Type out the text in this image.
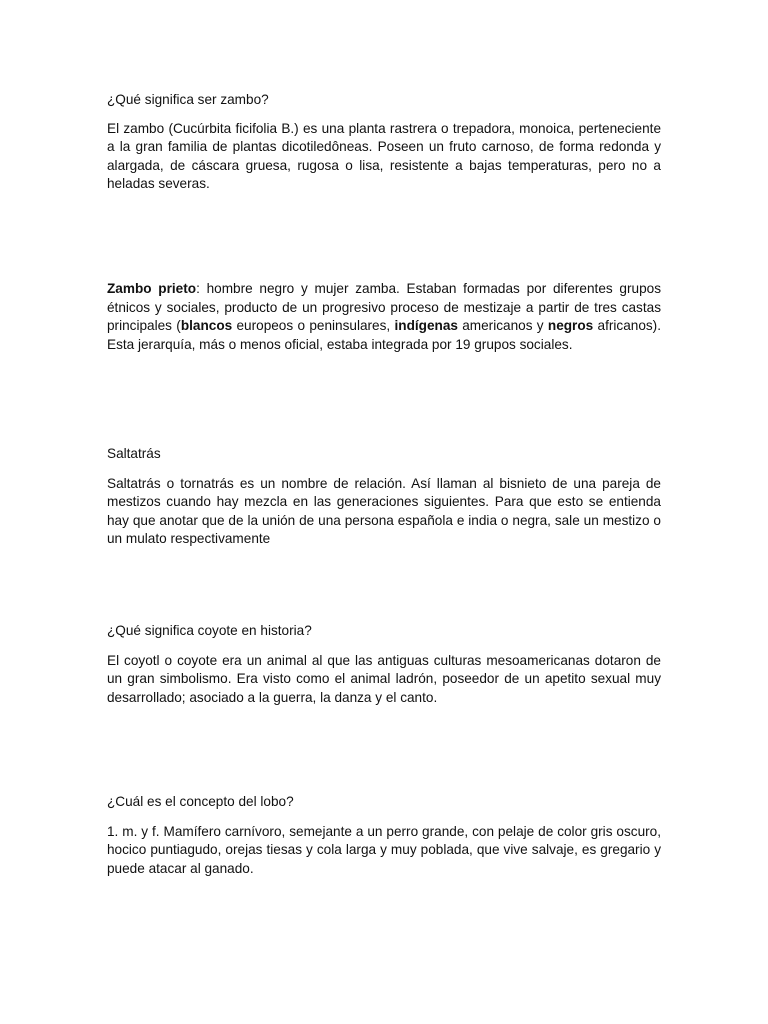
¿Qué significa ser zambo?

El zambo (Cucúrbita ficifolia B.) es una planta rastrera o trepadora, monoica, perteneciente a la gran familia de plantas dicotiledôneas. Poseen un fruto carnoso, de forma redonda y alargada, de cáscara gruesa, rugosa o lisa, resistente a bajas temperaturas, pero no a heladas severas.

Zambo prieto: hombre negro y mujer zamba. Estaban formadas por diferentes grupos étnicos y sociales, producto de un progresivo proceso de mestizaje a partir de tres castas principales (blancos europeos o peninsulares, indígenas americanos y negros africanos). Esta jerarquía, más o menos oficial, estaba integrada por 19 grupos sociales.

Saltatrás

Saltatrás o tornatrás es un nombre de relación. Así llaman al bisnieto de una pareja de mestizos cuando hay mezcla en las generaciones siguientes. Para que esto se entienda hay que anotar que de la unión de una persona española e india o negra, sale un mestizo o un mulato respectivamente

¿Qué significa coyote en historia?

El coyotl o coyote era un animal al que las antiguas culturas mesoamericanas dotaron de un gran simbolismo. Era visto como el animal ladrón, poseedor de un apetito sexual muy desarrollado; asociado a la guerra, la danza y el canto.

¿Cuál es el concepto del lobo?

1. m. y f. Mamífero carnívoro, semejante a un perro grande, con pelaje de color gris oscuro, hocico puntiagudo, orejas tiesas y cola larga y muy poblada, que vive salvaje, es gregario y puede atacar al ganado.
